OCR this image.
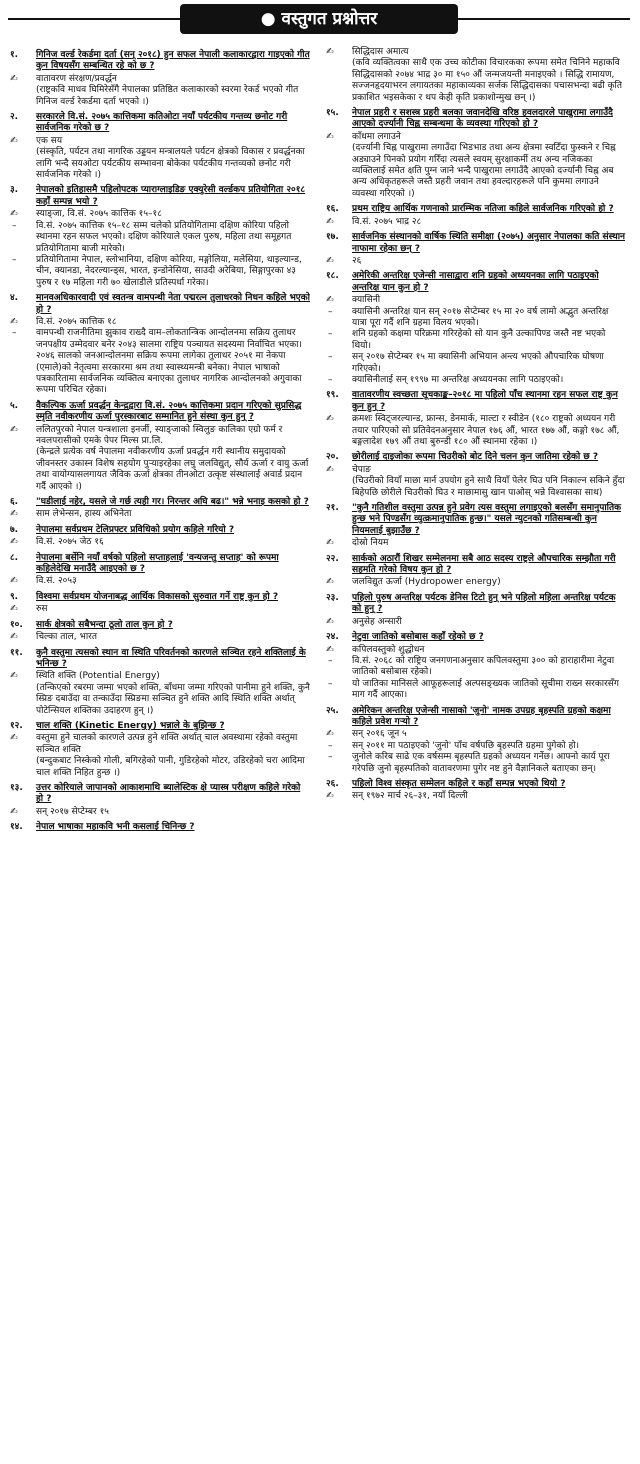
● वस्तुगत प्रश्नोत्तर
१.	गिनिज वर्ल्ड रेकर्डमा दर्ता (सन् २०१८) हुन सफल नेपाली कलाकारद्वारा गाइएको गीत कुन विषयसँग सम्बन्धित रहे को छ ?
✍	वातावरण संरक्षण/प्रवर्द्धन
(राष्ट्रकवि माधव घिमिरेसँगै नेपालका प्रतिष्ठित कलाकारको स्वरमा रेकर्ड भएको गीत गिनिज वर्ल्ड रेकर्डमा दर्ता भएको ।)
२.	सरकारले वि.सं. २०७५ कात्तिकमा कतिओटा नयाँ पर्यटकीय गन्तव्य छनोट गरी सार्वजनिक गरेको छ ?
✍	एक सय
(संस्कृति, पर्यटन तथा नागरिक उड्डयन मन्त्रालयले पर्यटन क्षेत्रको विकास र प्रवर्द्धनका लागि भन्दै सयओटा पर्यटकीय सम्भावना बोकेका पर्यटकीय गन्तव्यको छनोट गरी सार्वजनिक गरेको ।)
३.	नेपालको इतिहासमै पहिलोपटक प्याराग्लाइडिङ एक्युरेसी वर्ल्डकप प्रतियोगिता २०१८ कहाँ सम्पन्न भयो ?
✍	स्याङ्जा, वि.सं. २०७५ कात्तिक १५–१८
–	वि.सं. २०७५ कात्तिक १५–१८ सम्म चलेको प्रतियोगितामा दक्षिण कोरिया पहिलो स्थानमा रहन सफल भएको। दक्षिण कोरियाले एकल पुरुष, महिला तथा समूहगत प्रतियोगितामा बाजी मारेको।
–	प्रतियोगितामा नेपाल, स्लोभानिया, दक्षिण कोरिया, मङ्गोलिया, मलेसिया, थाइल्यान्ड, चीन, क्यानडा, नेदरल्यान्ड्स, भारत, इन्डोनेसिया, साउदी अरेबिया, सिङ्गापुरका ४३ पुरुष र १७ महिला गरी ७० खेलाडीले प्रतिस्पर्धा गरेका।
४.	मानवअधिकारवादी एवं स्वतन्त्र वामपन्थी नेता पद्मरत्न तुलाधरको निधन कहिले भएको हो ?
✍	वि.सं. २०७५ कात्तिक १८
–	वामपन्थी राजनीतिमा झुकाव राख्दै वाम–लोकतान्त्रिक आन्दोलनमा सक्रिय तुलाधर जनपक्षीय उम्मेदवार बनेर २०४३ सालमा राष्ट्रिय पञ्चायत सदस्यमा निर्वाचित भएका। २०४६ सालको जनआन्दोलनमा सक्रिय रूपमा लागेका तुलाधर २०५१ मा नेकपा (एमाले)को नेतृत्वमा सरकारमा श्रम तथा स्वास्थ्यमन्त्री बनेका। नेपाल भाषाको पत्रकारितामा सार्वजनिक व्यक्तित्व बनाएका तुलाधर नागरिक आन्दोलनको अगुवाका रूपमा परिचित रहेका।
५.	वैकल्पिक ऊर्जा प्रवर्द्धन केन्द्रद्वारा वि.सं. २०७५ कात्तिकमा प्रदान गरिएको सुप्रसिद्ध स्मृति नवीकरणीय ऊर्जा पुरस्कारबाट सम्मानित हुने संस्था कुन हुन् ?
✍	ललितपुरको नेपाल यन्त्रशाला इनर्जी, स्याङ्जाको स्विलुङ कालिका एग्रो फर्म र नवलपरासीको एमके पेपर मिल्स प्रा.लि.
(केन्द्रले प्रत्येक वर्ष नेपालमा नवीकरणीय ऊर्जा प्रवर्द्धन गरी स्थानीय समुदायको जीवनस्तर उकास्न विशेष सहयोग पुऱ्याइरहेका लघु जलविद्युत्, सौर्य ऊर्जा र वायु ऊर्जा तथा वायोग्यासलगायत जैविक ऊर्जा क्षेत्रका तीनओटा उत्कृष्ट संस्थालाई अवार्ड प्रदान गर्दै आएको ।)
६.	"घडीलाई नहेर, यसले जे गर्छ त्यही गर। निरन्तर अघि बढ।" भन्ने भनाइ कसको हो ?
✍	साम लेभेन्सन, हास्य अभिनेता
७.	नेपालमा सर्वप्रथम टेलिप्रफ्टर प्रविधिको प्रयोग कहिले गरियो ?
✍	वि.सं. २०७५ जेठ १६
८.	नेपालमा बर्सेनि नयाँ वर्षको पहिलो सप्ताहलाई 'वन्यजन्तु सप्ताह' को रूपमा कहिलेदेखि मनाउँदै आइएको छ ?
✍	वि.सं. २०५३
९.	विश्वमा सर्वप्रथम योजनाबद्ध आर्थिक विकासको सुरुवात गर्ने राष्ट्र कुन हो ?
✍	रुस
१०.	सार्क क्षेत्रको सबैभन्दा ठूलो ताल कुन हो ?
✍	चिल्का ताल, भारत
११.	कुनै वस्तुमा त्यसको स्थान वा स्थिति परिवर्तनको कारणले सञ्चित रहने शक्तिलाई के भनिन्छ ?
✍	स्थिति शक्ति (Potential Energy)
(तन्किएको रबरमा जम्मा भएको शक्ति, बाँधमा जम्मा गरिएको पानीमा हुने शक्ति, कुनै स्प्रिङ दबाउँदा वा तन्काउँदा स्प्रिङमा सञ्चित हुने शक्ति आदि स्थिति शक्ति अर्थात् पोटेन्सियल शक्तिका उदाहरण हुन् ।)
१२.	चाल शक्ति (Kinetic Energy) भन्नाले के बुझिन्छ ?
✍	वस्तुमा हुने चालको कारणले उत्पन्न हुने शक्ति अर्थात् चाल अवस्थामा रहेको वस्तुमा सञ्चित शक्ति
(बन्दुकबाट निस्केको गोली, बगिरहेको पानी, गुडिरहेको मोटर, उडिरहेको चरा आदिमा चाल शक्ति निहित हुन्छ ।)
१३.	उत्तर कोरियाले जापानको आकाशमाथि ब्यालेस्टिक क्षे प्यास्त्र परीक्षण कहिले गरेको हो ?
✍	सन् २०१७ सेप्टेम्बर १५
१४.	नेपाल भाषाका महाकवि भनी कसलाई चिनिन्छ ?
✍	सिद्धिदास अमात्य
(कवि व्यक्तित्वका साथै एक उच्च कोटीका विचारकका रूपमा समेत चिनिने महाकवि सिद्धिदासको २०७४ भाद्र ३० मा १५० औं जन्मजयन्ती मनाइएको । सिद्धि रामायण, सज्जनहृदयाभरन लगायतका महाकाव्यका सर्जक सिद्धिदासका पचासभन्दा बढी कृति प्रकाशित भइसकेका र थप केही कृति प्रकाशोन्मुख छन् ।)
१५.	नेपाल प्रहरी र सशस्त्र प्रहरी बलका जवानदेखि वरिष्ठ हवलदारले पाखुरामा लगाउँदै आएको दर्ज्यानी चिह्न सम्बन्धमा के व्यवस्था गरिएको हो ?
✍	काँधमा लगाउने
(दर्ज्यानी चिह्न पाखुरामा लगाउँदा भिडभाड तथा अन्य क्षेत्रमा स्वटिँदा फुस्कने र चिह्न अड्याउने पिनको प्रयोग गरिँदा त्यसले स्वयम् सुरक्षाकर्मी तथ अन्य नजिकका व्यक्तिलाई समेत क्षति पुग्न जाने भन्दै पाखुरामा लगाउँदै आएको दर्ज्यानी चिह्न अब अन्य अधिकृतहरूले जस्तै प्रहरी जवान तथा हवल्दारहरूले पनि कुममा लगाउने व्यवस्था गरिएको ।)
१६.	प्रथम राष्ट्रिय आर्थिक गणनाको प्रारम्भिक नतिजा कहिले सार्वजनिक गरिएको हो ?
✍	वि.सं. २०७५ भाद्र २८
१७.	सार्वजनिक संस्थानको वार्षिक स्थिति समीक्षा (२०७५) अनुसार नेपालका कति संस्थान नाफामा रहेका छन् ?
✍	२६
१८.	अमेरिकी अन्तरिक्ष एजेन्सी नासाद्वारा शनि ग्रहको अध्ययनका लागि पठाइएको अन्तरिक्ष यान कुन हो ?
✍	क्यासिनी
–	क्यासिनी अन्तरिक्ष यान सन् २०१७ सेप्टेम्बर १५ मा २० वर्ष लामो अद्भुत अन्तरिक्ष यात्रा पूरा गर्दै शनि ग्रहमा विलय भएको।
–	शनि ग्रहको कक्षमा परिक्रमा गरिरहेको सो यान कुनै उल्कापिण्ड जस्तै नष्ट भएको थियो।
–	सन् २०१७ सेप्टेम्बर १५ मा क्यासिनी अभियान अन्त्य भएको औपचारिक घोषणा गरिएको।
–	क्यासिनीलाई सन् १९९७ मा अन्तरिक्ष अध्ययनका लागि पठाइएको।
१९.	वातावरणीय स्वच्छता सूचकाङ्क–२०१८ मा पहिलो पाँच स्थानमा रहन सफल राष्ट्र कुन कुन हुन् ?
✍	क्रमशः स्विट्जरल्यान्ड, फ्रान्स, डेनमार्क, माल्टा र स्वीडेन (१८० राष्ट्रको अध्ययन गरी तयार पारिएको सो प्रतिवेदनअनुसार नेपाल १७६ औं, भारत १७७ औं, कङ्गो १७८ औं, बङ्गलादेश १७९ औं तथा बुरुन्डी १८० औं स्थानमा रहेका ।)
२०.	छोरीलाई दाइजोका रूपमा चिउरीको बोट दिने चलन कुन जातिमा रहेको छ ?
✍	चेपाङ
(चिउरीको वियाँ माछा मार्न उपयोग हुने साथै वियाँ पेलेर घिउ पनि निकाल्न सकिने हुँदा बिहेपछि छोरीले चिउरीको घिउ र माछामासु खान पाओस् भन्ने विश्वासका साथ)
२१.	"कुनै गतिशील वस्तुमा उत्पन्न हुने प्रवेग त्यस वस्तुमा लगाइएको बलसँग समानुपातिक हुन्छ भने पिण्डसँग व्युत्क्रमानुपातिक हुन्छ।" यसले न्युटनको गतिसम्बन्धी कुन नियमलाई बुझाउँछ ?
✍	दोस्रो नियम
२२.	सार्कको अठारौं शिखर सम्मेलनमा सबै आठ सदस्य राष्ट्रले औपचारिक सम्झौता गरी सहमति गरेको विषय कुन हो ?
✍	जलविद्युत ऊर्जा (Hydropower energy)
२३.	पहिलो पुरुष अन्तरिक्ष पर्यटक डेनिस टिटो हुन् भने पहिलो महिला अन्तरिक्ष पर्यटक को हुन् ?
✍	अनुसेह अन्सारी
२४.	नेटुवा जातिको बसोबास कहाँ रहेको छ ?
✍	कपिलवस्तुको शुद्धोधन
–	वि.सं. २०६८ को राष्ट्रिय जनगणनाअनुसार कपिलवस्तुमा ३०० को हाराहारीमा नेटुवा जातिको बसोबास रहेको।
–	यो जातिका मानिसले आफूहरूलाई अल्पसङ्ख्यक जातिको सूचीमा राख्न सरकारसँग माग गर्दै आएका।
२५.	अमेरिकन अन्तरिक्ष एजेन्सी नासाको 'जुनो' नामक उपग्रह बृहस्पति ग्रहको कक्षमा कहिले प्रवेश गऱ्यो ?
✍	सन् २०१६ जून ५
–	सन् २०११ मा पठाइएको 'जुनो' पाँच वर्षपछि बृहस्पति ग्रहमा पुगेको हो।
–	जुनोले करिब साढे एक वर्षसम्म बृहस्पति ग्रहको अध्ययन गर्नेछ। आफ्नो कार्य पूरा गरेपछि जुनो बृहस्पतिको वातावरणमा पुगेर नष्ट हुने वैज्ञानिकले बताएका छन्।
२६.	पहिलो विश्व संस्कृत सम्मेलन कहिले र कहाँ सम्पन्न भएको थियो ?
✍	सन् १९७२ मार्च २६–३१, नयाँ दिल्ली
